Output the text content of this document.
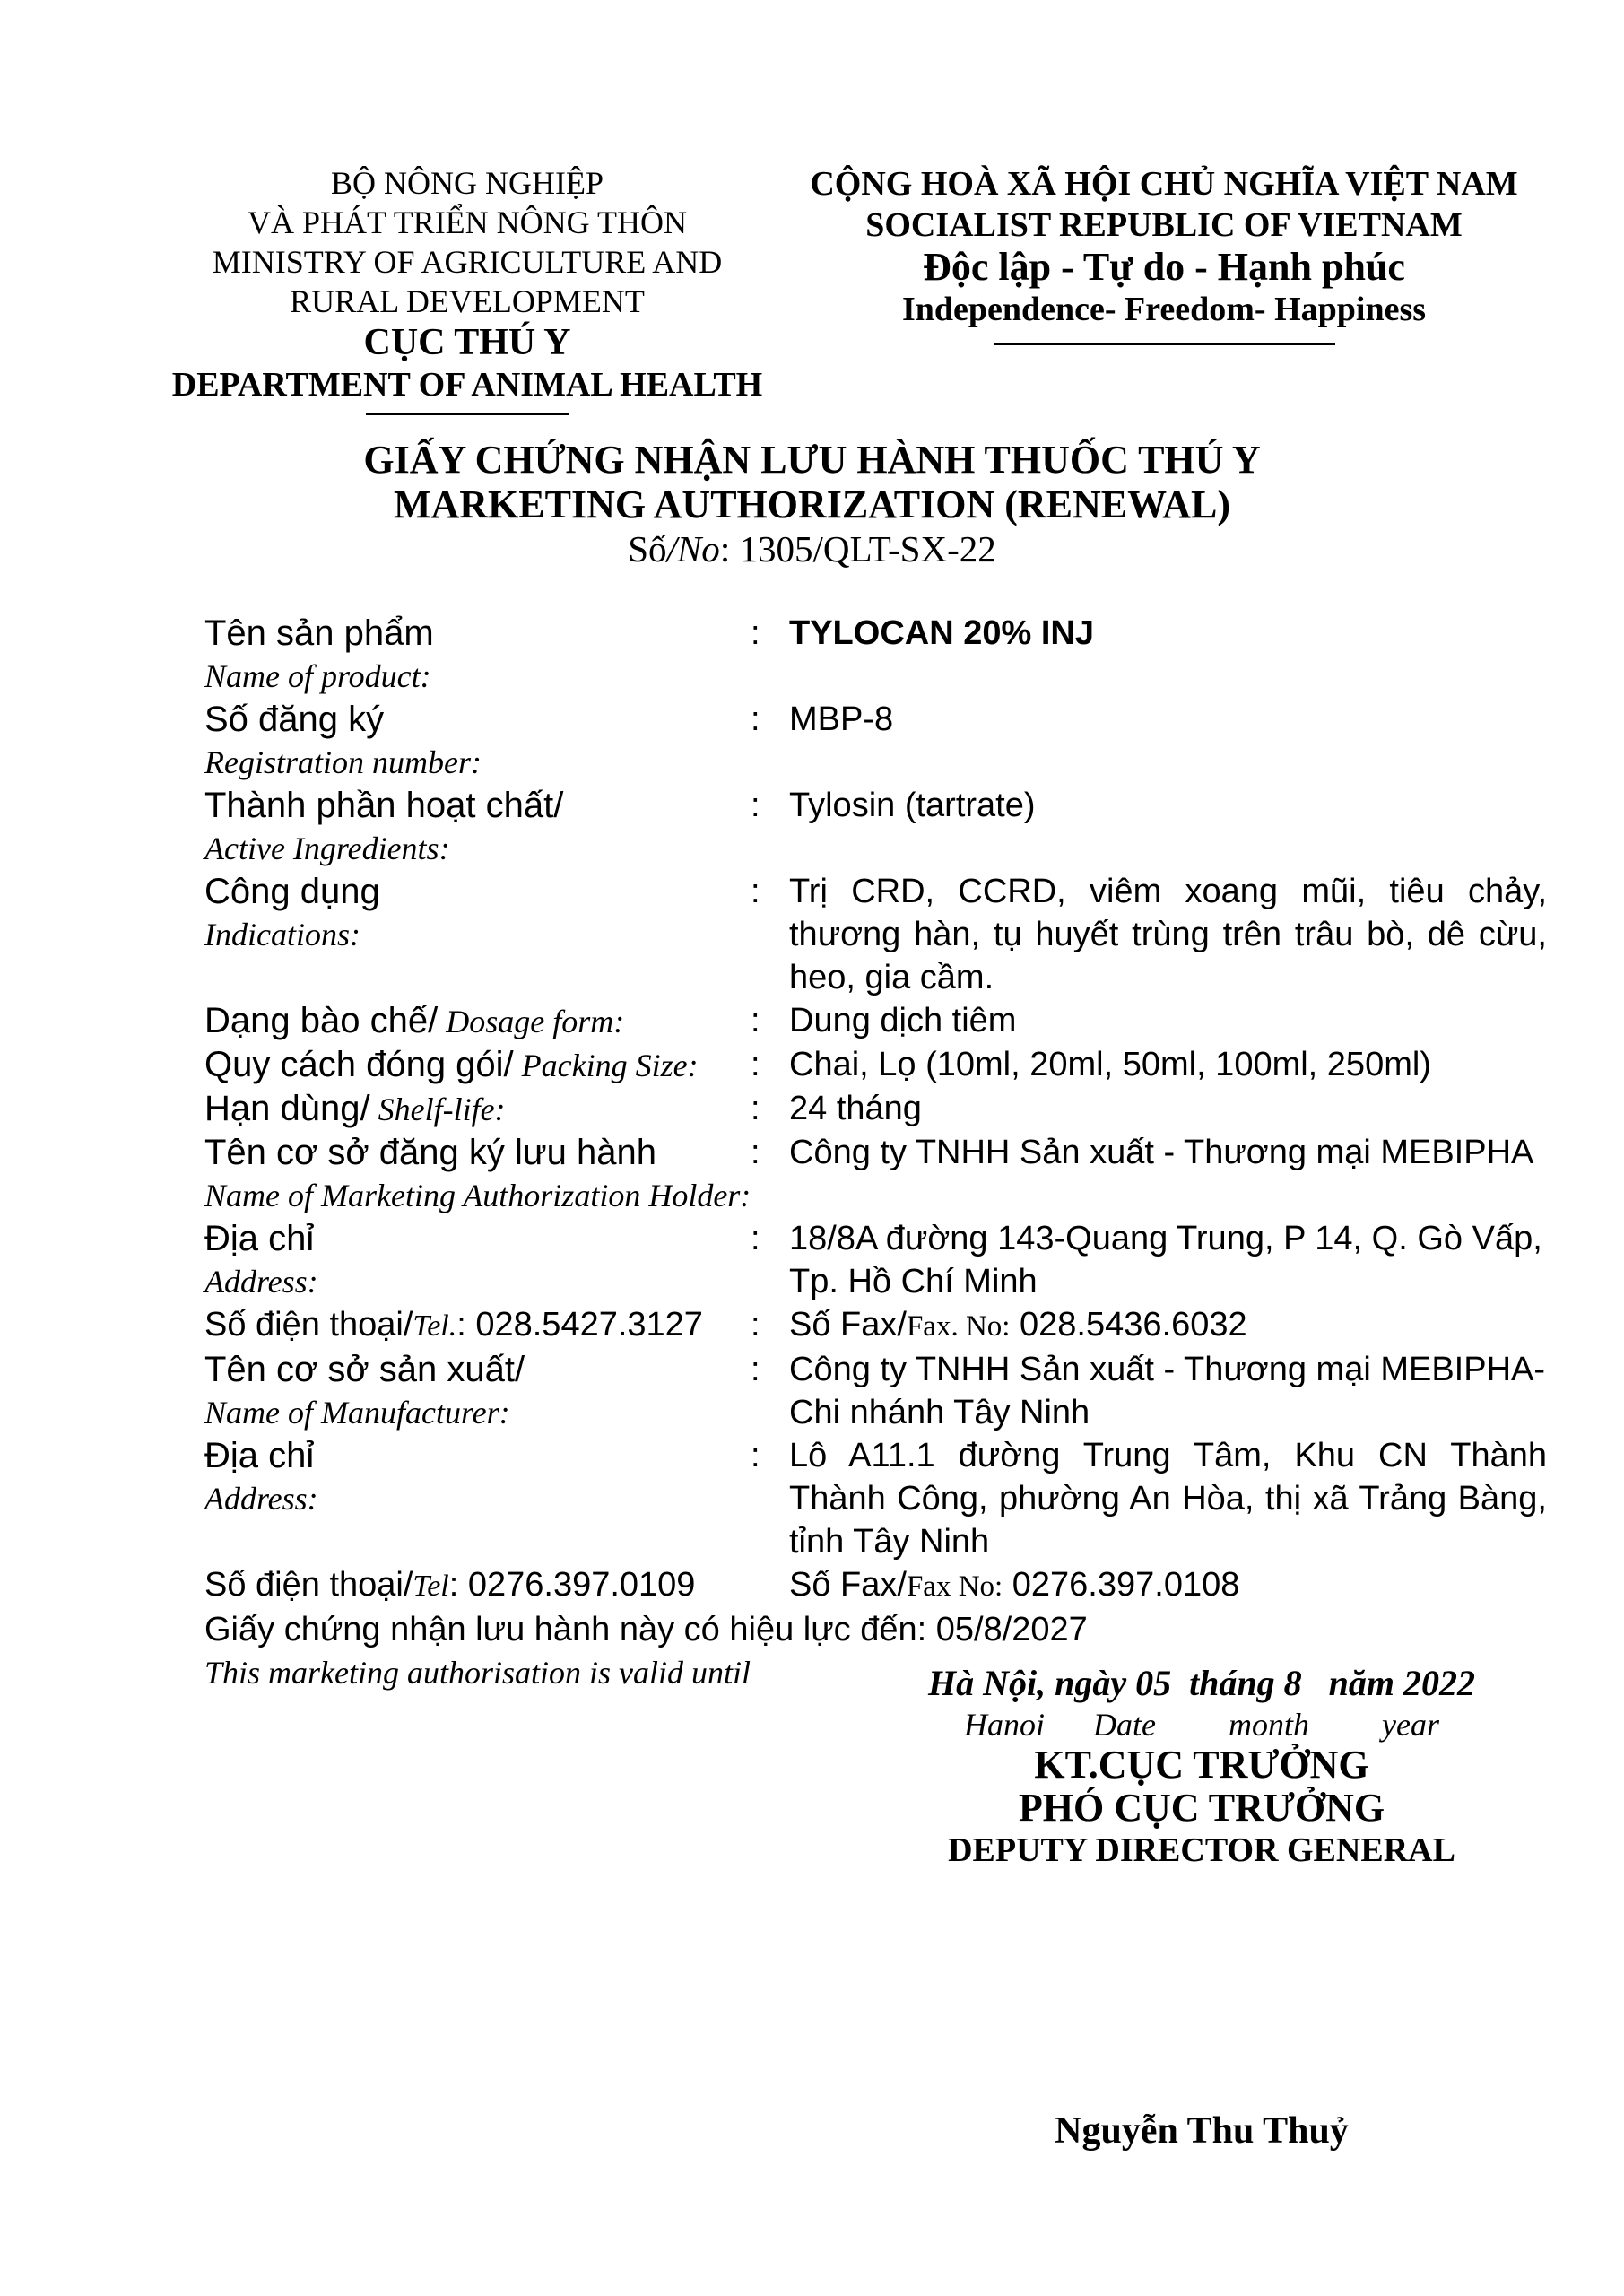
BỘ NÔNG NGHIỆP
VÀ PHÁT TRIỂN NÔNG THÔN
MINISTRY OF AGRICULTURE AND
RURAL DEVELOPMENT
CỤC THÚ Y
DEPARTMENT OF ANIMAL HEALTH
CỘNG HOÀ XÃ HỘI CHỦ NGHĨA VIỆT NAM
SOCIALIST REPUBLIC OF VIETNAM
Độc lập - Tự do - Hạnh phúc
Independence- Freedom- Happiness
GIẤY CHỨNG NHẬN LƯU HÀNH THUỐC THÚ Y
MARKETING AUTHORIZATION (RENEWAL)
Số/No: 1305/QLT-SX-22
Tên sản phẩm
Name of product:
: TYLOCAN 20% INJ
Số đăng ký
Registration number:
: MBP-8
Thành phần hoạt chất/
Active Ingredients:
: Tylosin (tartrate)
Công dụng
Indications:
: Trị CRD, CCRD, viêm xoang mũi, tiêu chảy, thương hàn, tụ huyết trùng trên trâu bò, dê cừu, heo, gia cầm.
Dạng bào chế/ Dosage form:	: Dung dịch tiêm
Quy cách đóng gói/ Packing Size:	: Chai, Lọ (10ml, 20ml, 50ml, 100ml, 250ml)
Hạn dùng/ Shelf-life:	: 24 tháng
Tên cơ sở đăng ký lưu hành
Name of Marketing Authorization Holder:
: Công ty TNHH Sản xuất - Thương mại MEBIPHA
Địa chỉ
Address:
: 18/8A đường 143-Quang Trung, P 14, Q. Gò Vấp, Tp. Hồ Chí Minh
Số điện thoại/Tel.: 028.5427.3127	: Số Fax/Fax. No: 028.5436.6032
Tên cơ sở sản xuất/
Name of Manufacturer:
: Công ty TNHH Sản xuất - Thương mại MEBIPHA- Chi nhánh Tây Ninh
Địa chỉ
Address:
: Lô A11.1 đường Trung Tâm, Khu CN Thành Thành Công, phường An Hòa, thị xã Trảng Bàng, tỉnh Tây Ninh
Số điện thoại/Tel: 0276.397.0109	Số Fax/Fax No: 0276.397.0108
Giấy chứng nhận lưu hành này có hiệu lực đến: 05/8/2027
This marketing authorisation is valid until	Hà Nội, ngày 05  tháng 8   năm 2022
Hanoi      Date         month         year
KT.CỤC TRƯỞNG
PHÓ CỤC TRƯỞNG
DEPUTY DIRECTOR GENERAL
Nguyễn Thu Thuỷ
